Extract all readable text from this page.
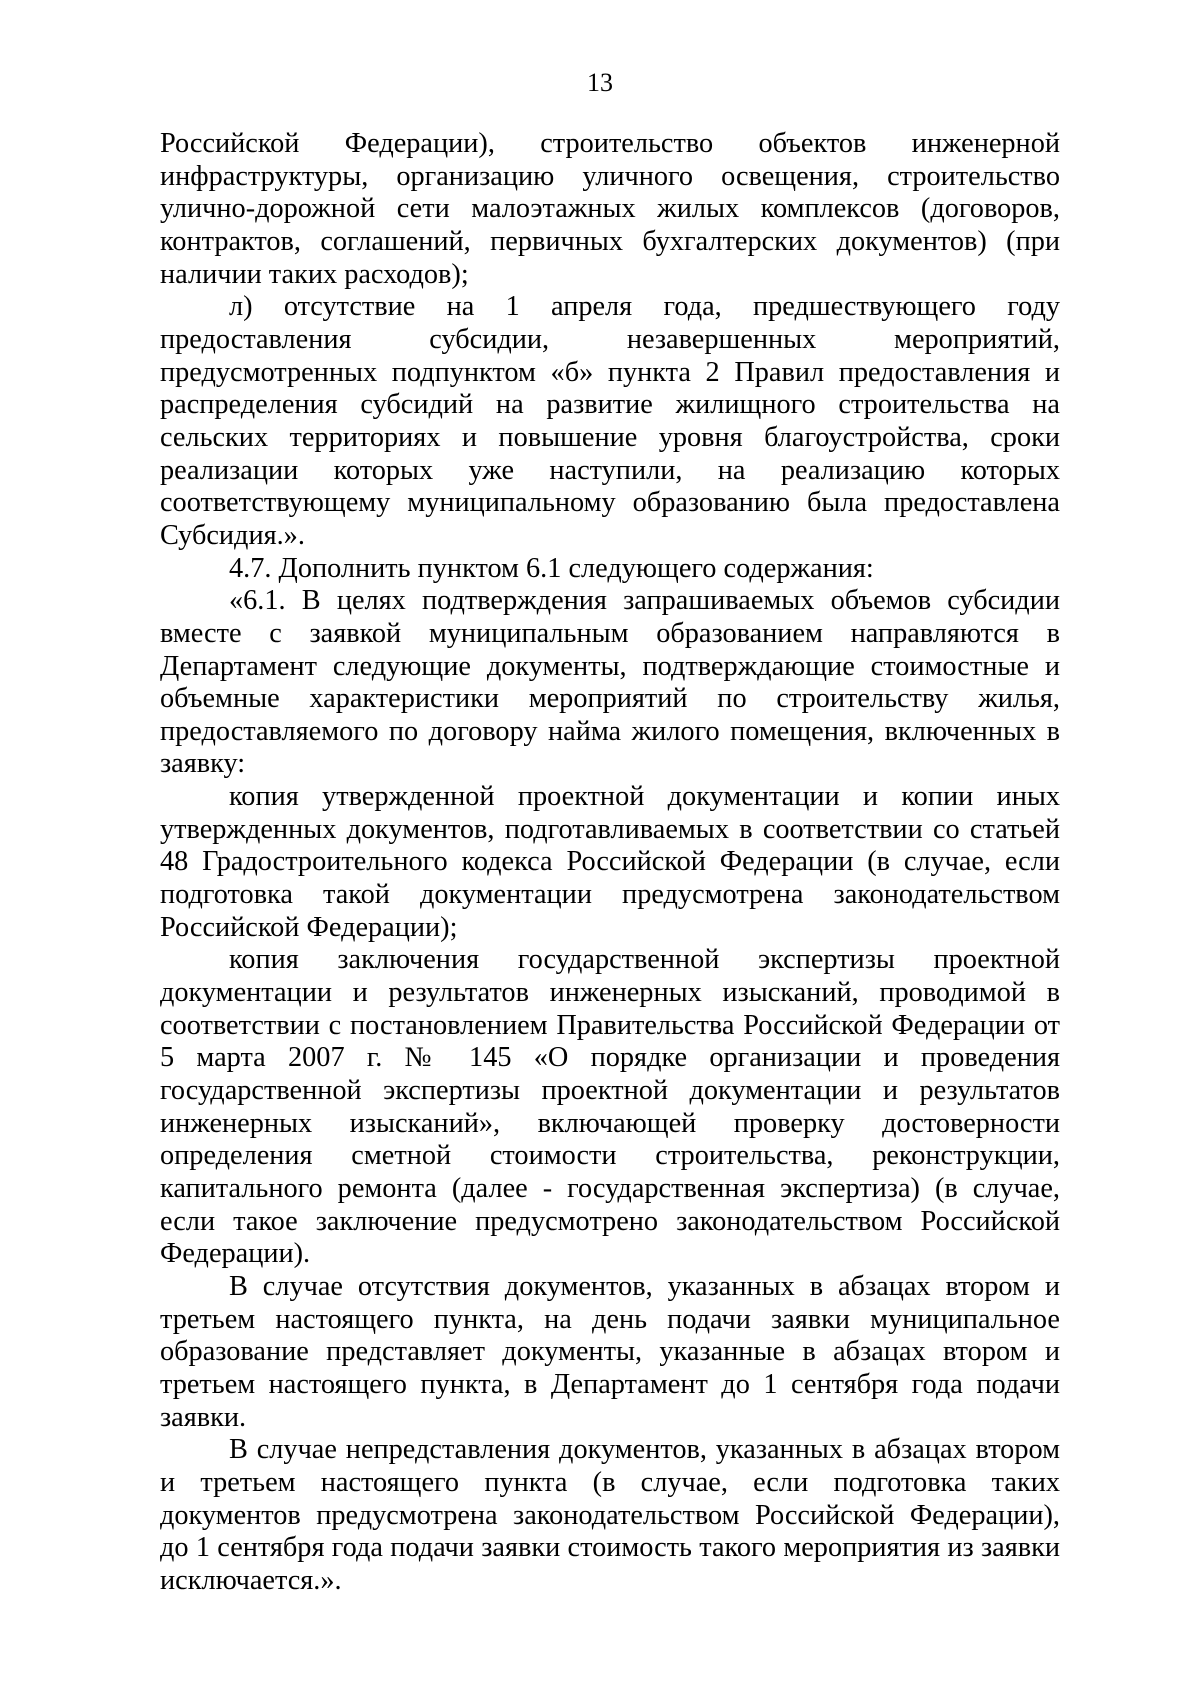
13

Российской Федерации), строительство объектов инженерной инфраструктуры, организацию уличного освещения, строительство улично-дорожной сети малоэтажных жилых комплексов (договоров, контрактов, соглашений, первичных бухгалтерских документов) (при наличии таких расходов);

л) отсутствие на 1 апреля года, предшествующего году предоставления субсидии, незавершенных мероприятий, предусмотренных подпунктом «б» пункта 2 Правил предоставления и распределения субсидий на развитие жилищного строительства на сельских территориях и повышение уровня благоустройства, сроки реализации которых уже наступили, на реализацию которых соответствующему муниципальному образованию была предоставлена Субсидия.».

4.7. Дополнить пунктом 6.1 следующего содержания:

«6.1. В целях подтверждения запрашиваемых объемов субсидии вместе с заявкой муниципальным образованием направляются в Департамент следующие документы, подтверждающие стоимостные и объемные характеристики мероприятий по строительству жилья, предоставляемого по договору найма жилого помещения, включенных в заявку:

копия утвержденной проектной документации и копии иных утвержденных документов, подготавливаемых в соответствии со статьей 48 Градостроительного кодекса Российской Федерации (в случае, если подготовка такой документации предусмотрена законодательством Российской Федерации);

копия заключения государственной экспертизы проектной документации и результатов инженерных изысканий, проводимой в соответствии с постановлением Правительства Российской Федерации от 5 марта 2007 г. № 145 «О порядке организации и проведения государственной экспертизы проектной документации и результатов инженерных изысканий», включающей проверку достоверности определения сметной стоимости строительства, реконструкции, капитального ремонта (далее - государственная экспертиза) (в случае, если такое заключение предусмотрено законодательством Российской Федерации).

В случае отсутствия документов, указанных в абзацах втором и третьем настоящего пункта, на день подачи заявки муниципальное образование представляет документы, указанные в абзацах втором и третьем настоящего пункта, в Департамент до 1 сентября года подачи заявки.

В случае непредставления документов, указанных в абзацах втором и третьем настоящего пункта (в случае, если подготовка таких документов предусмотрена законодательством Российской Федерации), до 1 сентября года подачи заявки стоимость такого мероприятия из заявки исключается.».
